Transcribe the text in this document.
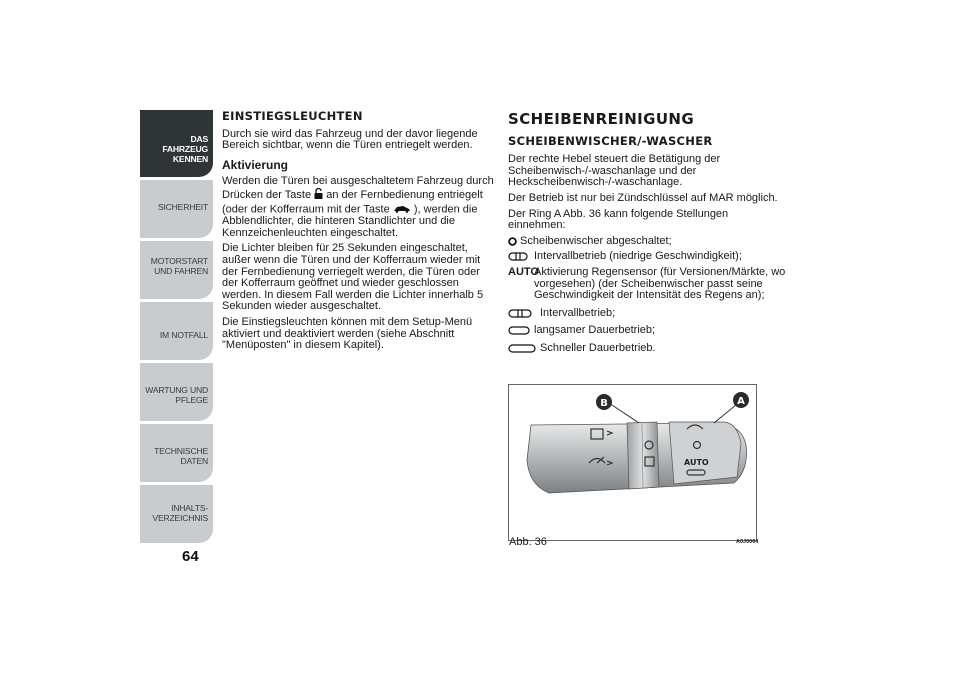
DAS FAHRZEUG KENNEN
SICHERHEIT
MOTORSTART UND FAHREN
IM NOTFALL
WARTUNG UND PFLEGE
TECHNISCHE DATEN
INHALTS-VERZEICHNIS
64
EINSTIEGSLEUCHTEN

Durch sie wird das Fahrzeug und der davor liegende Bereich sichtbar, wenn die Türen entriegelt werden.

Aktivierung

Werden die Türen bei ausgeschaltetem Fahrzeug durch Drücken der Taste an der Fernbedienung entriegelt (oder der Kofferraum mit der Taste ), werden die Abblendlichter, die hinteren Standlichter und die Kennzeichenleuchten eingeschaltet.

Die Lichter bleiben für 25 Sekunden eingeschaltet, außer wenn die Türen und der Kofferraum wieder mit der Fernbedienung verriegelt werden, die Türen oder der Kofferraum geöffnet und wieder geschlossen werden. In diesem Fall werden die Lichter innerhalb 5 Sekunden wieder ausgeschaltet.

Die Einstiegsleuchten können mit dem Setup-Menü aktiviert und deaktiviert werden (siehe Abschnitt "Menüposten" in diesem Kapitel).

SCHEIBENREINIGUNG
SCHEIBENWISCHER/-WASCHER

Der rechte Hebel steuert die Betätigung der Scheibenwisch-/-waschanlage und der Heckscheibenwisch-/-waschanlage.

Der Betrieb ist nur bei Zündschlüssel auf MAR möglich.

Der Ring A Abb. 36 kann folgende Stellungen einnehmen:

Scheibenwischer abgeschaltet;
Intervallbetrieb (niedrige Geschwindigkeit);
AUTO
Aktivierung Regensensor (für Versionen/Märkte, wo vorgesehen) (der Scheibenwischer passt seine Geschwindigkeit der Intensität des Regens an);
Intervallbetrieb;
langsamer Dauerbetrieb;
Schneller Dauerbetrieb.
AUTO
B	A
Abb. 36	A0J0064
